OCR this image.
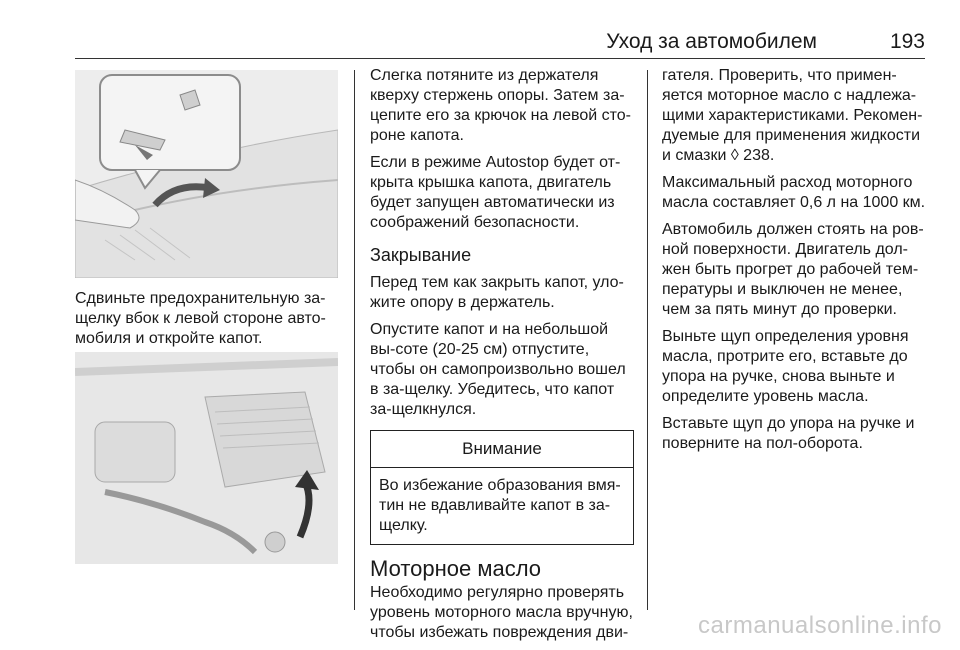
Уход за автомобилем	193
Сдвиньте предохранительную за-щелку вбок к левой стороне авто-мобиля и откройте капот.

Слегка потяните из держателя кверху стержень опоры. Затем за-цепите его за крючок на левой сто-роне капота.

Если в режиме Autostop будет от-крыта крышка капота, двигатель будет запущен автоматически из соображений безопасности.

Закрывание

Перед тем как закрыть капот, уло-жите опору в держатель.

Опустите капот и на небольшой вы-соте (20-25 см) отпустите, чтобы он самопроизвольно вошел в за-щелку. Убедитесь, что капот за-щелкнулся.

Внимание
Во избежание образования вмя-тин не вдавливайте капот в за-щелку.
Моторное масло

Необходимо регулярно проверять уровень моторного масла вручную, чтобы избежать повреждения дви-

гателя. Проверить, что примен-яется моторное масло с надлежа-щими характеристиками. Рекомен-дуемые для применения жидкости и смазки ◊ 238.

Максимальный расход моторного масла составляет 0,6 л на 1000 км.

Автомобиль должен стоять на ров-ной поверхности. Двигатель дол-жен быть прогрет до рабочей тем-пературы и выключен не менее, чем за пять минут до проверки.

Выньте щуп определения уровня масла, протрите его, вставьте до упора на ручке, снова выньте и определите уровень масла.

Вставьте щуп до упора на ручке и поверните на пол-оборота.

carmanualsonline.info
